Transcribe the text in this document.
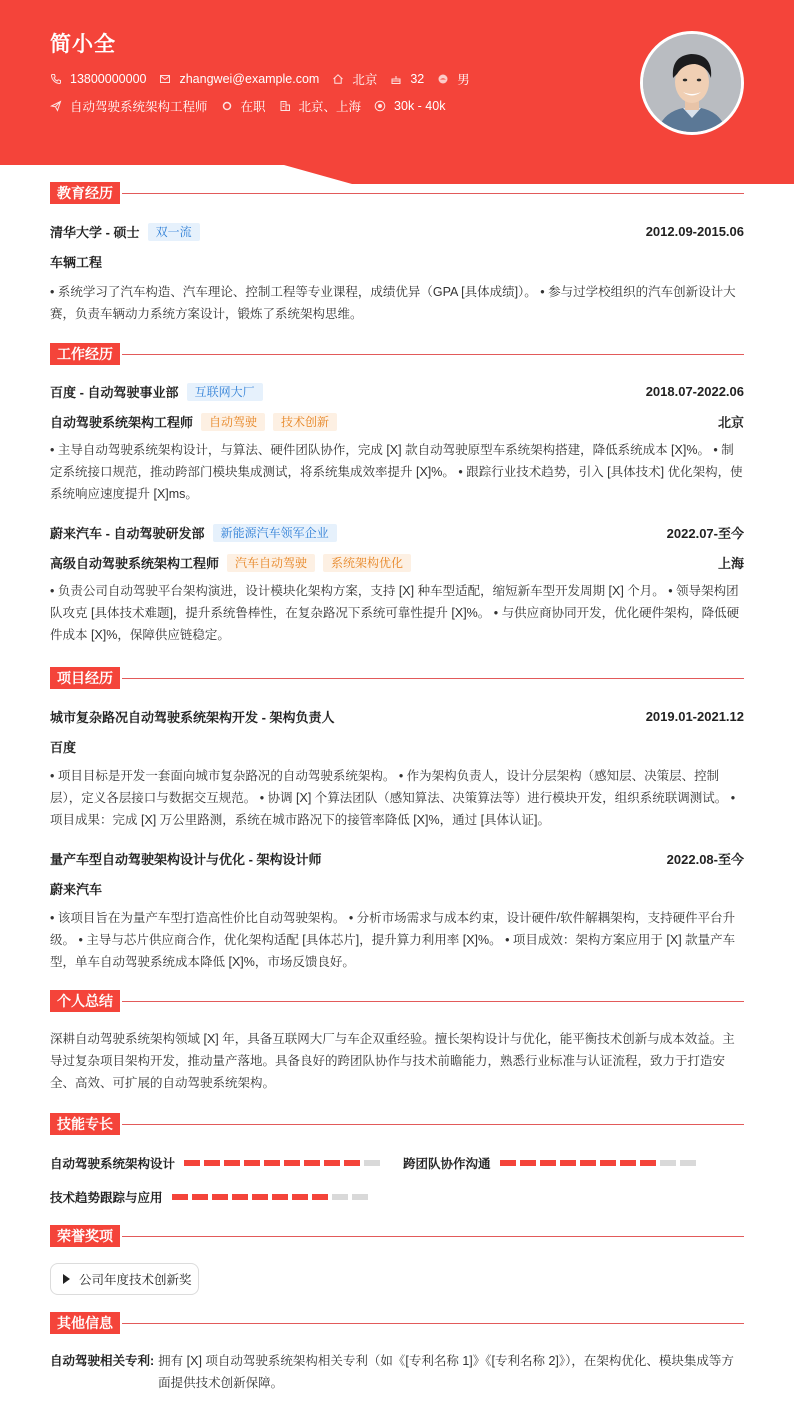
简小全
13800000000	zhangwei@example.com	北京	32	男
自动驾驶系统架构工程师	在职	北京、上海	30k - 40k
教育经历
清华大学 - 硕士	双一流	2012.09-2015.06
车辆工程
• 系统学习了汽车构造、汽车理论、控制工程等专业课程，成绩优异（GPA [具体成绩]）。 • 参与过学校组织的汽车创新设计大赛，负责车辆动力系统方案设计，锻炼了系统架构思维。
工作经历
百度 - 自动驾驶事业部	互联网大厂	2018.07-2022.06
自动驾驶系统架构工程师	自动驾驶	技术创新	北京
• 主导自动驾驶系统架构设计，与算法、硬件团队协作，完成 [X] 款自动驾驶原型车系统架构搭建，降低系统成本 [X]%。 • 制定系统接口规范，推动跨部门模块集成测试，将系统集成效率提升 [X]%。 • 跟踪行业技术趋势，引入 [具体技术] 优化架构，使系统响应速度提升 [X]ms。
蔚来汽车 - 自动驾驶研发部	新能源汽车领军企业	2022.07-至今
高级自动驾驶系统架构工程师	汽车自动驾驶	系统架构优化	上海
• 负责公司自动驾驶平台架构演进，设计模块化架构方案，支持 [X] 种车型适配，缩短新车型开发周期 [X] 个月。 • 领导架构团队攻克 [具体技术难题]，提升系统鲁棒性，在复杂路况下系统可靠性提升 [X]%。 • 与供应商协同开发，优化硬件架构，降低硬件成本 [X]%，保障供应链稳定。
项目经历
城市复杂路况自动驾驶系统架构开发 - 架构负责人	2019.01-2021.12
百度
• 项目目标是开发一套面向城市复杂路况的自动驾驶系统架构。 • 作为架构负责人，设计分层架构（感知层、决策层、控制层），定义各层接口与数据交互规范。 • 协调 [X] 个算法团队（感知算法、决策算法等）进行模块开发，组织系统联调测试。 • 项目成果：完成 [X] 万公里路测，系统在城市路况下的接管率降低 [X]%，通过 [具体认证]。
量产车型自动驾驶架构设计与优化 - 架构设计师	2022.08-至今
蔚来汽车
• 该项目旨在为量产车型打造高性价比自动驾驶架构。 • 分析市场需求与成本约束，设计硬件/软件解耦架构，支持硬件平台升级。 • 主导与芯片供应商合作，优化架构适配 [具体芯片]，提升算力利用率 [X]%。 • 项目成效：架构方案应用于 [X] 款量产车型，单车自动驾驶系统成本降低 [X]%，市场反馈良好。
个人总结
深耕自动驾驶系统架构领域 [X] 年，具备互联网大厂与车企双重经验。擅长架构设计与优化，能平衡技术创新与成本效益。主导过复杂项目架构开发，推动量产落地。具备良好的跨团队协作与技术前瞻能力，熟悉行业标准与认证流程，致力于打造安全、高效、可扩展的自动驾驶系统架构。
技能专长
自动驾驶系统架构设计	跨团队协作沟通
技术趋势跟踪与应用
荣誉奖项
公司年度技术创新奖
其他信息
自动驾驶相关专利: 拥有 [X] 项自动驾驶系统架构相关专利（如《[专利名称 1]》《[专利名称 2]》），在架构优化、模块集成等方面提供技术创新保障。
